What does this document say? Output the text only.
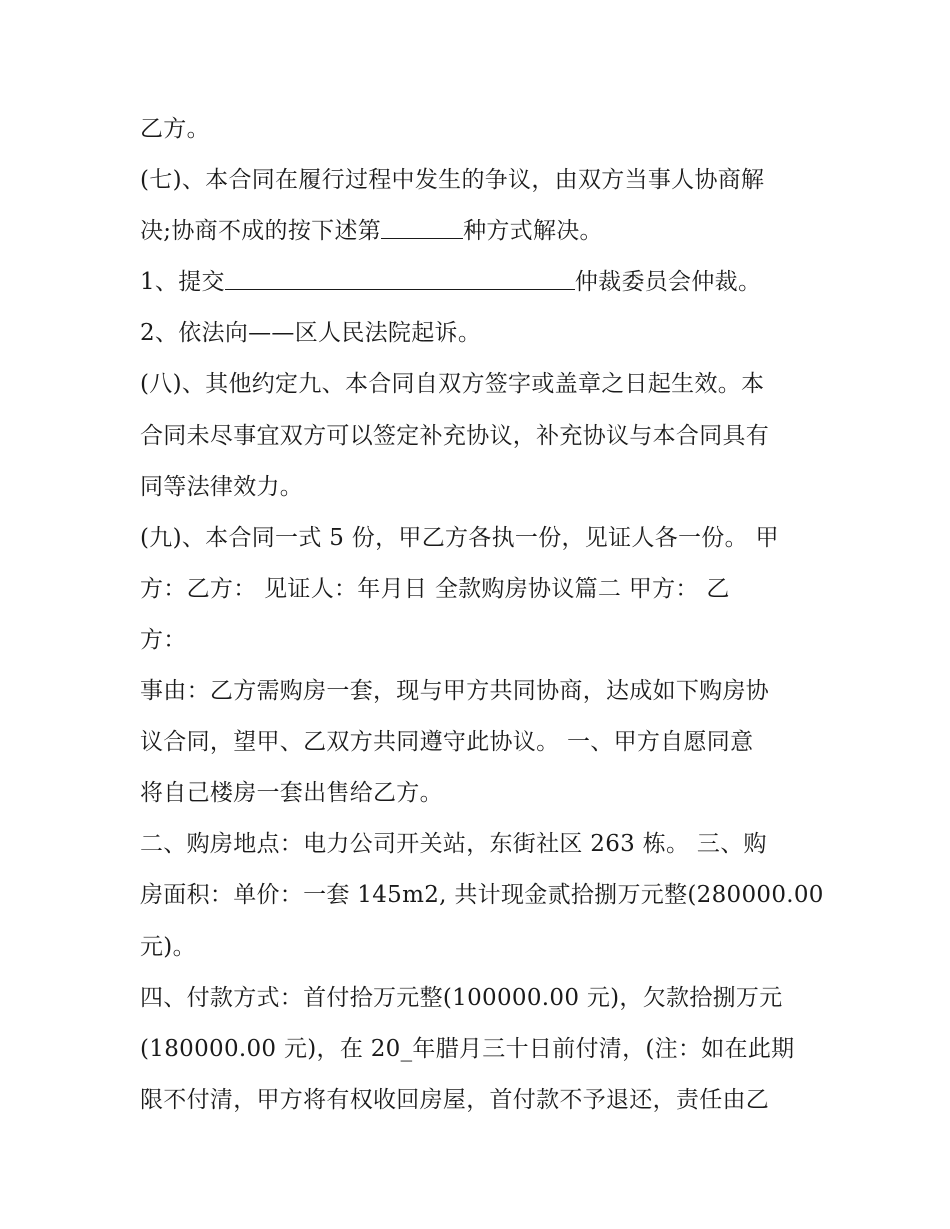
乙方。
(七)、本合同在履行过程中发生的争议，由双方当事人协商解
决;协商不成的按下述第	种方式解决。
1、提交	仲裁委员会仲裁。
2、依法向——区人民法院起诉。
(八)、其他约定九、本合同自双方签字或盖章之日起生效。本
合同未尽事宜双方可以签定补充协议，补充协议与本合同具有
同等法律效力。
(九)、本合同一式 5 份，甲乙方各执一份，见证人各一份。 甲
方：乙方： 见证人：年月日 全款购房协议篇二 甲方： 乙
方：
事由：乙方需购房一套，现与甲方共同协商，达成如下购房协
议合同，望甲、乙双方共同遵守此协议。 一、甲方自愿同意
将自己楼房一套出售给乙方。
二、购房地点：电力公司开关站，东街社区 263 栋。 三、购
房面积：单价：一套 145m2, 共计现金贰拾捌万元整(280000.00
元)。
四、付款方式：首付拾万元整(100000.00 元)，欠款拾捌万元
(180000.00 元)，在 20_年腊月三十日前付清，(注：如在此期
限不付清，甲方将有权收回房屋，首付款不予退还，责任由乙
